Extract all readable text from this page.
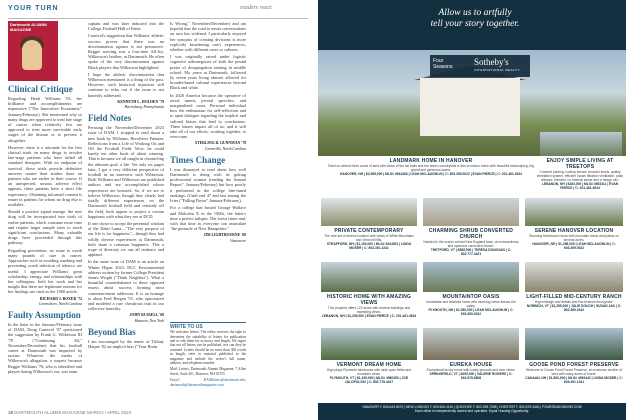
YOUR TURN	readers react
Dartmouth ALUMNI MAGAZINE
Clinical Critique

Regarding Heidi Williams '03, her brilliance and accomplishments are impressive ("The Innovative Economist," January/February). She mentioned why so many drugs are approved to treat late stage of cancer when relatively few are approved to treat more survivable early stages of the disease or to prevent it altogether.

However, there is a rationale for the first clinical trials on many drugs to involve late-stage patients who have failed all standard therapies. With no endpoint of survival, these trials provide definitive answers sooner than studies done on patients who are earlier in their course. If an unexpected, serious adverse effect appears, these patients have a short life expectancy. Obtaining informed consent is easier in patients for whom no drug else is available.

Should a positive signal emerge, the new drug will be incorporated into trials of earlier patients, which consume more time and require larger sample sizes to reach significant conclusions. Many valuable drugs have proceeded through this pathway.

Regarding prevention, no stone is worth many pounds of cure in cancer. Approaches such as avoiding smoking and preventing youth infection of tobacco are useful. I appreciate Williams' great scholarship, energy, and relationships with her colleagues; both her work and her insight that there are legitimate reasons for her findings are cited as the 1968 article.

RICHARD J. BOXER '72
Greensboro, North Carolina
Faulty Assumption

In the letter in the January/February issue of DAM, Doug Carnival '07 questioned the suggestion by Frank G. Wilkerson III '79 ("Continuing Ed," November/December) that his football career at Dartmouth was impacted by racism. Whatever the merits of Wilkerson's allegation, a suspect because Reggie Williams '76, who is identified and played during Wilkerson's era, was team

captain and was later inducted into the College Football Hall of Fame.

Carnival's suggestion that Williams' athletic success proves that there was no discrimination against is not persuasive. Reggie arriving was a four-time All-Ivy, Wilkerson's brother, at Dartmouth. He often spoke of the very discrimination against Black players that Wilkerson highlighted.

I hope the athletic discrimination that Wilkerson mentioned is a thing of the past. However, such historical injustices still continue to echo out if the issue is not honestly addressed.

KENNETH L. HOLDEN '79
Harrisburg, Pennsylvania
Field Notes

Perusing the November/December 2023 issue of DAM, I stopped to read about a new book by Williams, Recollects Putnam: Reflections from a Life of Working On and Off the Football Field. Wow, he could barely ten other book of about winning. That is because we all caught in chronicling the ultimate goal: a life. Yet only six pages later, I got a very different perspective of football in an interview with Wilkerson. Both Williams and Wilkerson are published authors and are accomplished whose experiences are honored. So, if we are to believe Wilkerson, though they clearly had totally different experiences on the Dartmouth football field and certainly off the field, both appear to project a certain happiness with what they see at DCD.

If one chose to accept the perennial wisdom of the Dalai Lama—"The very purpose of our life is for happiness"—though they had wildly diverse experiences at Dartmouth, both share a common happiness. This a trope of diversity we can all embrace and applaud.

In the same issue of DAM is an article on Winter Hyper 2023. DCC Environmental address written by former College President James Wright ("Think Neighbor"). What a beautiful counterbalance to these opposed essays about success forming most commencement addresses. It is an homage to alum Fred Bergen '53, who epitomized and modeled a rare chivalrous trait in our collective humility.

JOHN RUSSELL '68
Hanover, New York
Beyond Bias

I am encouraged by the tenets of Tiffany Harper '02 on implicit bias ("Your Brain

Is Wrong," November/December) and am hopeful that the road to easier conversations on race has widened. I particularly enjoyed her synopsis of creating divisions is more explicitly broadening one's experiences, whether with different races or cultures.

I was originally raised under logistic cognitive subcategories of both the pound praise of desegregation starting in middle school. My years at Dartmouth, followed by seven years living abroad, allowed for broader-based cultural experiences beyond Black and white.

In 2020 America because the operative of racial unrest, pivotal speeches, and marginalized cases, Personal individual how the enthusiasm for self-reflection and to open dialogue regarding the implicit and cultural biases that lead to conclusions. These biases impact all of us, and it will take all of our efforts, working together, to overcome.

STERLING B. GUNNMAN '78
Greenville, North Carolina
Times Change

I was dismayed to read about how well Dartmouth is doing with its getting professional women (reading the Annual Report", January/February) but how poorly it performed in the college fine-tuned rankings. (Until end 47 and last among the Ivies ("Falling Down" January/February).

For a college that hosted George Wallace and Malcolm X in the 1960s, the latter's time a perfect tailspin. The forest times and, with that time as everyone can assimilate "the pinnacle of New Hampshire."

JIM LIGHTBOURNE '68
Vancouver
WRITE TO US

We welcome letters. The editor reserves the right to determine the suitability of letters for publication and to edit them for accuracy and length. We regret that not all letters can be published, nor can they be returned. Letters should be no more than 300 words in length, refer to material published in the magazine and include the writer's full name, address, and telephone number.

Mail: Letters, Dartmouth Alumni Magazine, 7 Allen Street, Suite 201, Hanover, NH 03755

Email: DAMletters@dartmouth.edu; dartmouth@dartmouthmagazine.com

18 DARTMOUTH ALUMNI MAGAZINE MARCH / APRIL 2024
Allow us to artfully
tell your story together.
Four
Seasons Sotheby's
INTERNATIONAL REALTY
LANDMARK HOME IN HANOVER
Sited on almost three acres of land with views of the ski trails and the area's countryside is this luxurious home with beautiful landscaping, big grand and generous lawns.
HANOVER, NH | $2,995,000 | MLS# 4944480 | LEAH MCLAUGHLIN | C: 603.359.0022 | EVAN PIERCE | C: 201.461.4934
ENJOY SIMPLE LIVING AT TREETOPS
Covered parking, rooftop terrace remodel levels, quality ventilation system, efficient house filtration ventilation, patio allowed, elevator, no internal sewer and a hedge mix.
LEBANON, NH | $483,000 | MLS# 4953311 | EVAN PIERCE | C: 201.461.4934
PRIVATE CONTEMPORARY
The rare set of serene location with views of White Mountains and Vermont hills.
STRAFFORD, NH | $1,150,000 | MLS# 4944501 | LINDA MOSER | C: 603.491.1341
CHARMING SHRUB CONVERTED CHURCH
Nestled in the scenic central New England town, an extraordinary and spacious converted church.
THETFORD, VT | $589,000 | TERESA DONOVAN | C: 802.777.4421
SERENE HANOVER LOCATION
Stunning farmhouse home with mountain views and patios on several acres.
HANOVER, NH | $1,298,000 | LEAH MCLAUGHLIN | C: 603.359.0022
HISTORIC HOME WITH AMAZING VIEWS
This property offers 122 acres with several buildings and sweeping views.
LEBANON, NH | $1,295,000 | EVAN PIERCE | C: 201.461.4934
MOUNTAINTOP OASIS
Immediate and timeless home with stunning views across the valley.
PLYMOUTH, NH | $1,050,000 | LEAH MCLAUGHLIN | C: 603.359.0022
LIGHT-FILLED MID-CENTURY RANCH
High mileage and details and fine finishes throughout.
NORWICH, VT | $1,295,000 | JULIE DOUCH | SUSAN JAK | C: 802.369.3442
VERMONT DREAM HOME
High plays Plymouth farmhouse with wide open fields and mountain views.
PLYMOUTH, VT | $1,195,000 | MLS# 4980350 | JOE JALOPOLSKI | C: 802.778.4437
EUREKA HOUSE
Exceptional luxury home with lovely grounds and river views.
SPRINGFIELD, VT | $495,000 | VALERIE ROGERS | C: 802.578.0808
GOOSE POND FOREST PRESERVE
Welcome to Goose Pond Forest Preserve, an exclusive section of land with many acres of forest.
CANAAN, NH | $1,500,000 | MLS# 4939442 | LINDA MOSER | C: 603.491.1341
HANOVER T: 603.643.6070 | NEW LONDON T: 603.526.4116 | QUECHEE T: 802.295.7008 | CHESTER T: 802.875.3440 | FOURSEASONSSIR.COM
Each office is independently owned and operated. Equal Housing Opportunity.
